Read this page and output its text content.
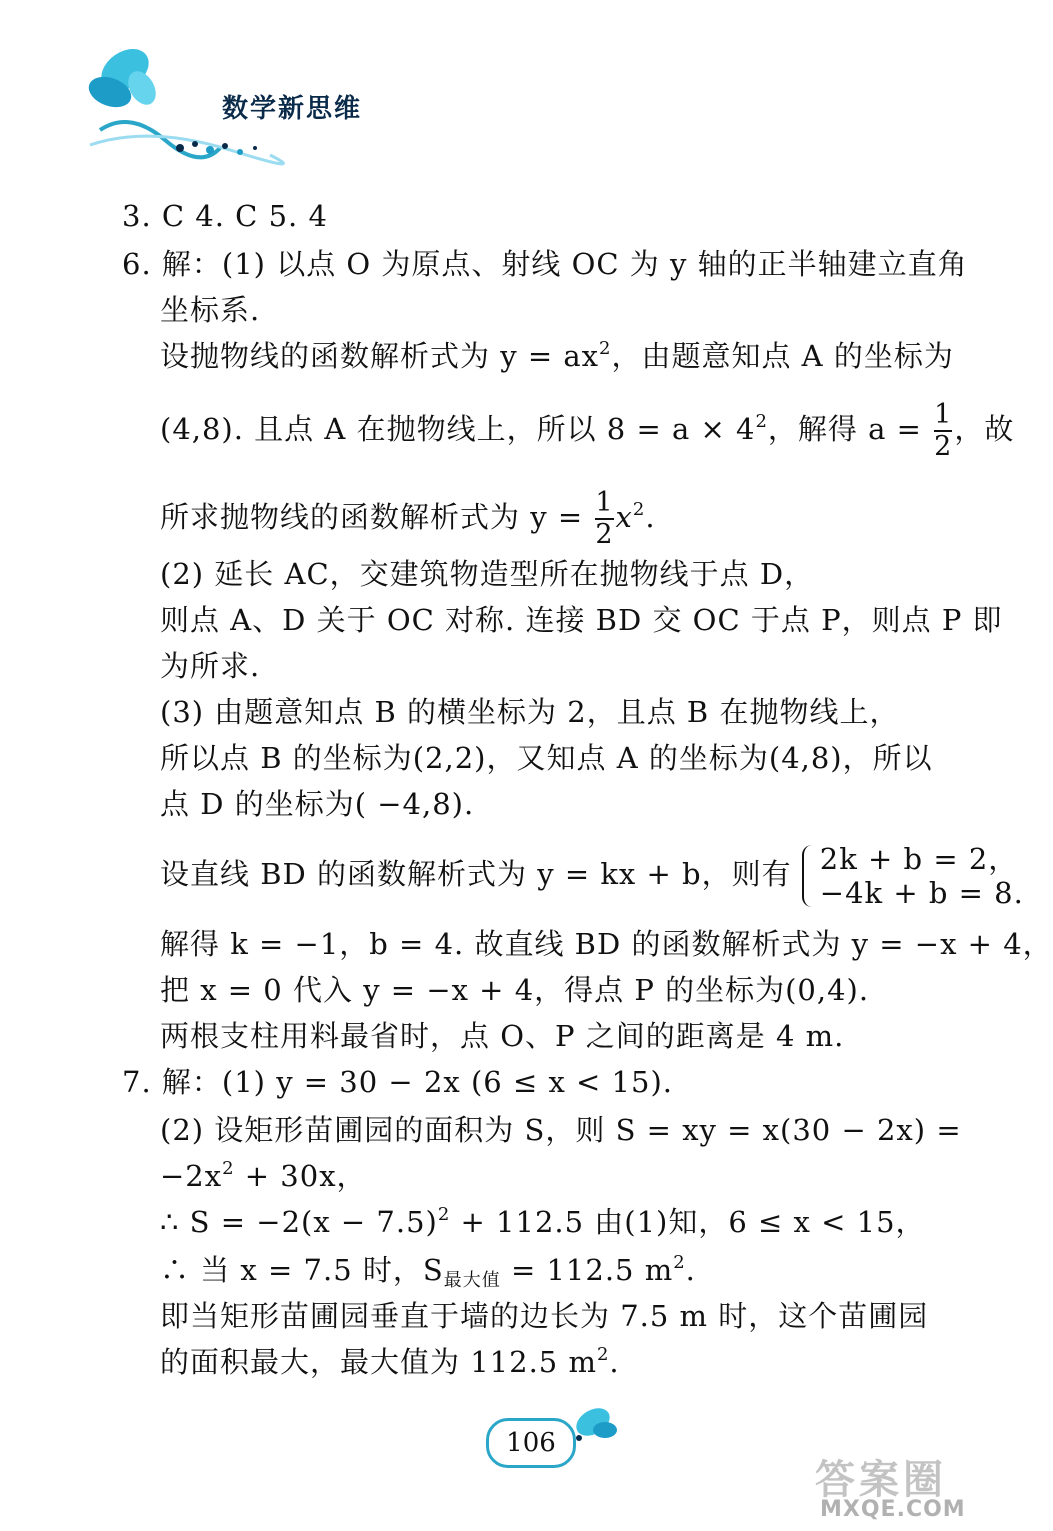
数学新思维
3. C 4. C 5. 4
6. 解：(1) 以点 O 为原点、射线 OC 为 y 轴的正半轴建立直角
坐标系.
设抛物线的函数解析式为 $y = ax^2$，由题意知点 A 的坐标为
(4,8). 且点 A 在抛物线上，所以 $8 = a \times 4^2$，解得 $a = \frac{1}{2}$ ，故
所求抛物线的函数解析式为 $y = \frac{1}{2} x^2$.
(2) 延长 AC，交建筑物造型所在抛物线于点 D，
则点 A、D 关于 OC 对称. 连接 BD 交 OC 于点 P，则点 P 即
为所求.
(3) 由题意知点 B 的横坐标为 2，且点 B 在抛物线上，
所以点 B 的坐标为(2,2)，又知点 A 的坐标为(4,8)，所以
点 D 的坐标为( −4,8).
设直线 BD 的函数解析式为 y = kx + b，则有 2k + b = 2，
−4k + b = 8.
解得 k = −1，b = 4. 故直线 BD 的函数解析式为 y = −x + 4，
把 x = 0 代入 y = −x + 4，得点 P 的坐标为(0,4).
两根支柱用料最省时，点 O、P 之间的距离是 4 m.
7. 解：(1) y = 30 − 2x (6 ≤ x < 15).
(2) 设矩形苗圃园的面积为 S，则 S = xy = x(30 − 2x) =
$-2x^2 + 30x$，
∴ $S = -2(x - 7.5)^2 + 112.5$ 由(1)知，6 ≤ x < 15，
∴ 当 x = 7.5 时，$S_{最大值} = 112.5$ $m^2$.
即当矩形苗圃园垂直于墙的边长为 7.5 m 时，这个苗圃园
的面积最大，最大值为 112.5 $m^2$.
106
答案圈
MXQE.COM
